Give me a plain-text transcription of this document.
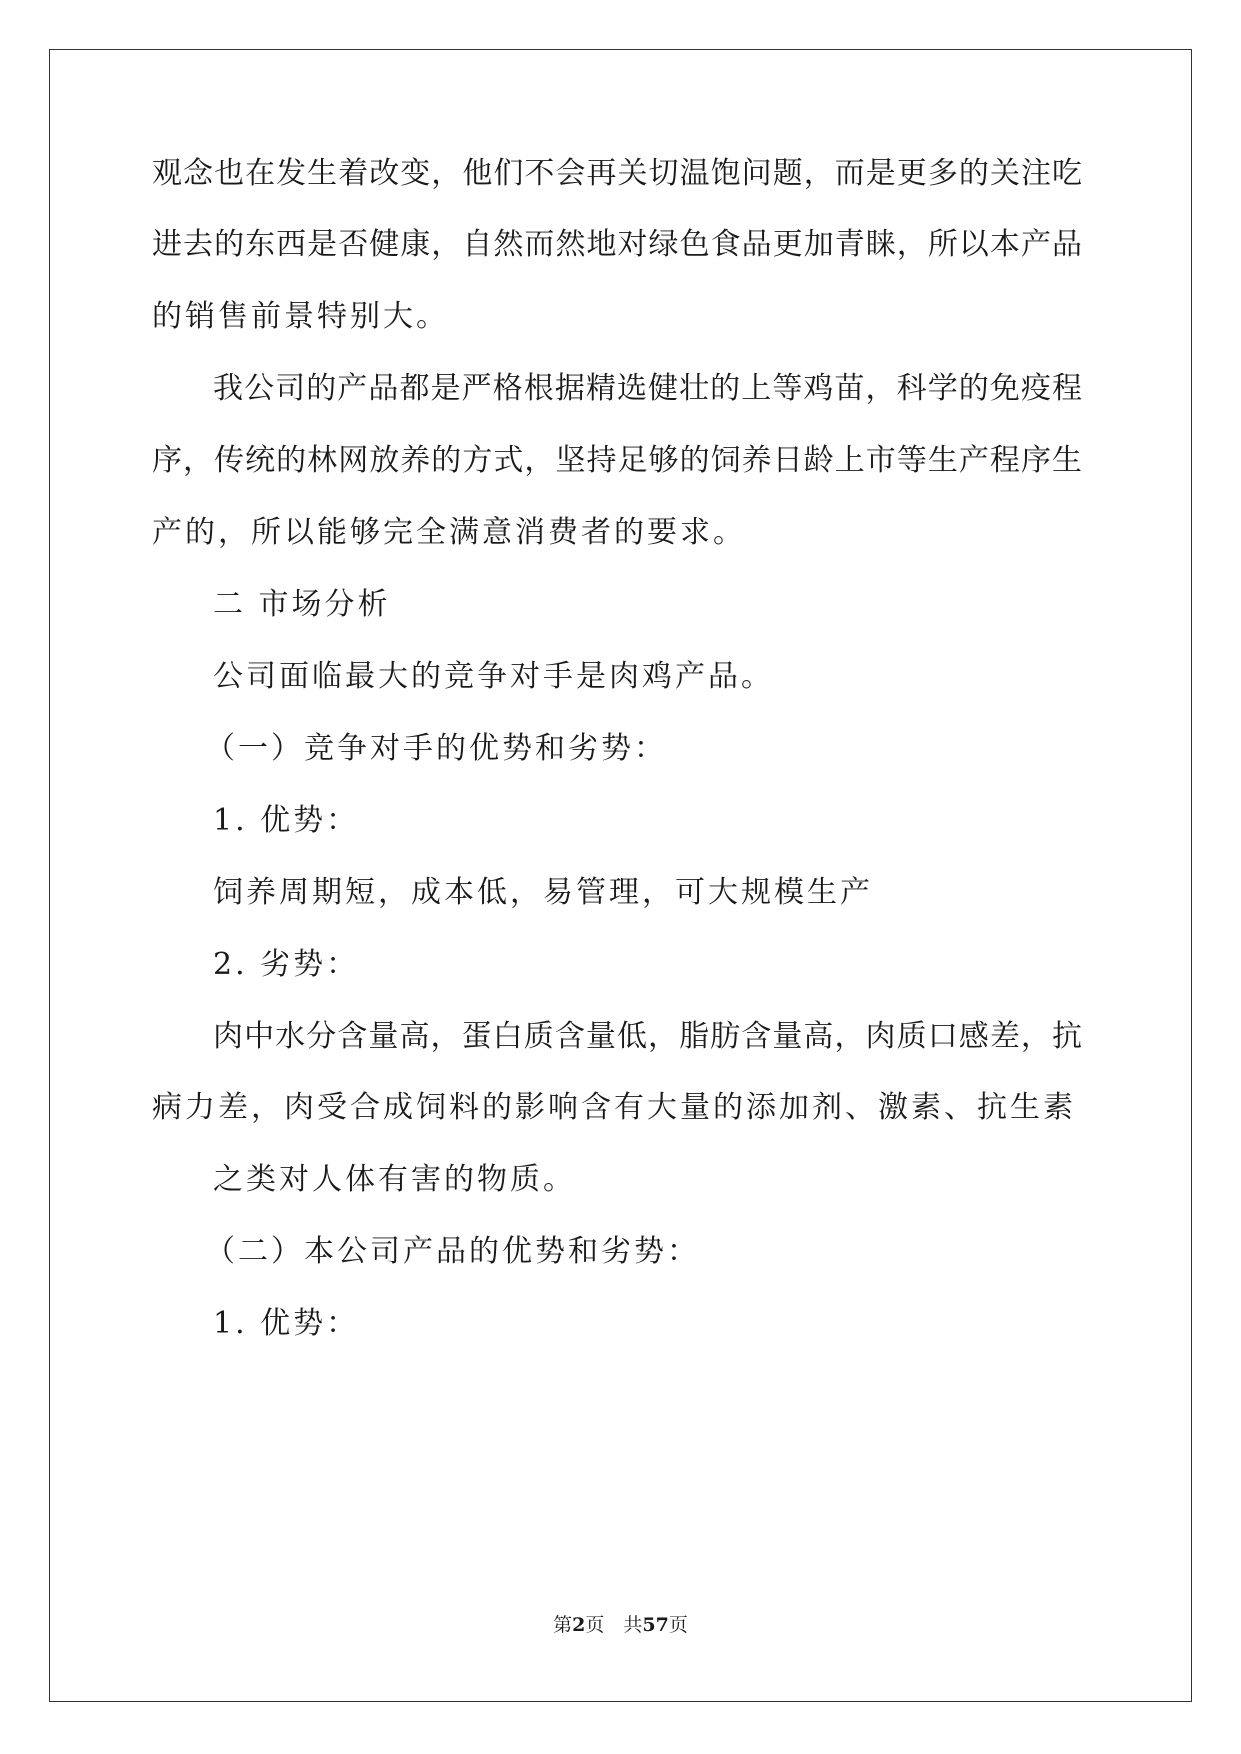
观念也在发生着改变，他们不会再关切温饱问题，而是更多的关注吃
进去的东西是否健康，自然而然地对绿色食品更加青睐，所以本产品
的销售前景特别大。
我公司的产品都是严格根据精选健壮的上等鸡苗，科学的免疫程
序，传统的林网放养的方式，坚持足够的饲养日龄上市等生产程序生
产的，所以能够完全满意消费者的要求。
二 市场分析
公司面临最大的竞争对手是肉鸡产品。
（一）竞争对手的优势和劣势：
1. 优势：
饲养周期短，成本低，易管理，可大规模生产
2. 劣势：
肉中水分含量高，蛋白质含量低，脂肪含量高，肉质口感差，抗
病力差，肉受合成饲料的影响含有大量的添加剂、激素、抗生素
之类对人体有害的物质。
（二）本公司产品的优势和劣势：
1. 优势：
第2页　共57页
